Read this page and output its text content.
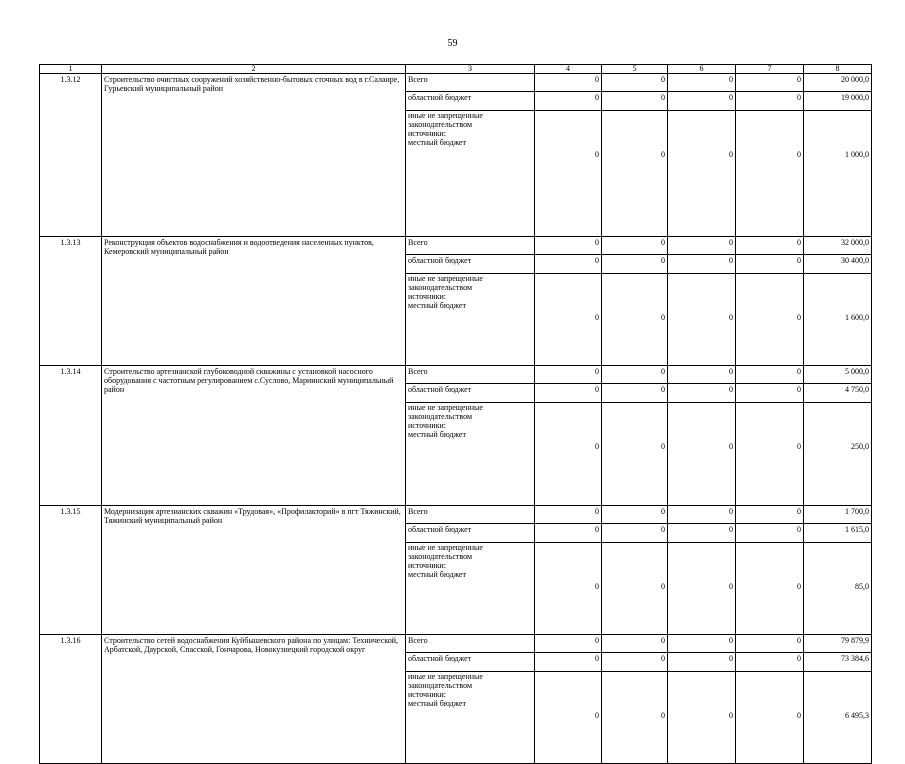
59
1	2	3	4	5	6	7	8
1.3.12	Строительство очистных сооружений хозяйственно-бытовых сточных вод в г.Салаире, Гурьевский муниципальный район	Всего	0	0	0	0	20 000,0
		областной бюджет	0	0	0	0	19 000,0

		иные не запрещенные
законодательством
источники:
местный бюджет	0	0	0	0	1 000,0
1.3.13	Реконструкция объектов водоснабжения и водоотведения населенных пунктов, Кемеровский муниципальный район	Всего	0	0	0	0	32 000,0
		областной бюджет	0	0	0	0	30 400,0

		иные не запрещенные
законодательством
источники:
местный бюджет	0	0	0	0	1 600,0
1.3.14	Строительство артезианской глубоководной скважины с установкой насосного оборудования с частотным регулированием с.Суслово, Мариинский муниципальный район	Всего	0	0	0	0	5 000,0
		областной бюджет	0	0	0	0	4 750,0

		иные не запрещенные
законодательством
источники:
местный бюджет	0	0	0	0	250,0
1.3.15	Модернизация артезианских скважин «Трудовая», «Профилакторий» в пгт Тяжинский, Тяжинский муниципальный район	Всего	0	0	0	0	1 700,0
		областной бюджет	0	0	0	0	1 615,0

		иные не запрещенные
законодательством
источники:
местный бюджет	0	0	0	0	85,0
1.3.16	Строительство сетей водоснабжения Куйбышевского района по улицам: Технической, Арбатской, Даурской, Спасской, Гончарова, Новокузнецкий городской округ	Всего	0	0	0	0	79 879,9
		областной бюджет	0	0	0	0	73 384,6

		иные не запрещенные
законодательством
источники:
местный бюджет	0	0	0	0	6 495,3
